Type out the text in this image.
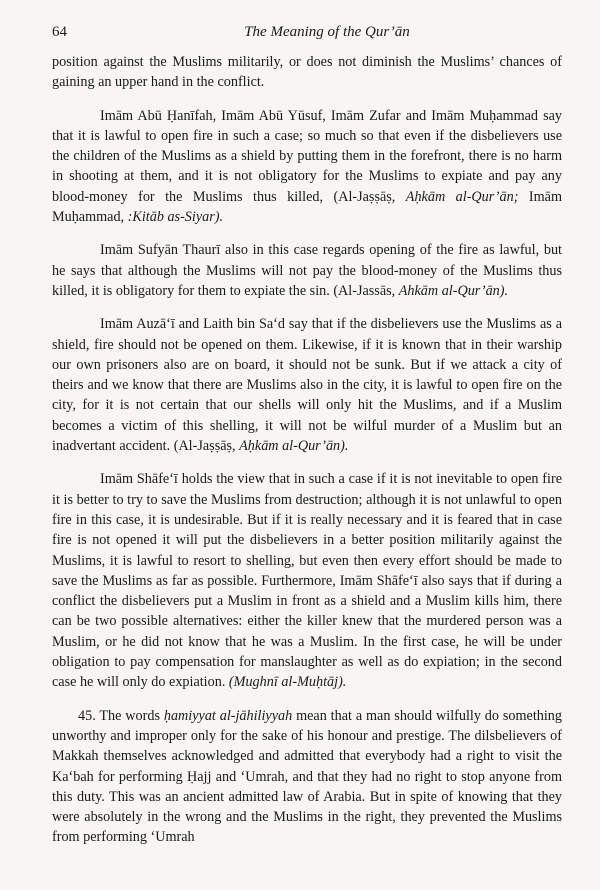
64	The Meaning of the Qur’ān

position against the Muslims militarily, or does not diminish the Muslims’ chances of gaining an upper hand in the conflict.

Imām Abū Ḥanīfah, Imām Abū Yūsuf, Imām Zufar and Imām Muḥammad say that it is lawful to open fire in such a case; so much so that even if the disbelievers use the children of the Muslims as a shield by putting them in the forefront, there is no harm in shooting at them, and it is not obligatory for the Muslims to expiate and pay any blood-money for the Muslims thus killed, (Al-Jaṣṣāṣ, Aḥkām al-Qur’ān; Imām Muḥammad, :Kitāb as-Siyar).

Imām Sufyān Thaurī also in this case regards opening of the fire as lawful, but he says that although the Muslims will not pay the blood-money of the Muslims thus killed, it is obligatory for them to expiate the sin. (Al-Jassās, Ahkām al-Qur’ān).

Imām Auzā‘ī and Laith bin Sa‘d say that if the disbelievers use the Muslims as a shield, fire should not be opened on them. Likewise, if it is known that in their warship our own prisoners also are on board, it should not be sunk. But if we attack a city of theirs and we know that there are Muslims also in the city, it is lawful to open fire on the city, for it is not certain that our shells will only hit the Muslims, and if a Muslim becomes a victim of this shelling, it will not be wilful murder of a Muslim but an inadvertant accident. (Al-Jaṣṣāṣ, Aḥkām al-Qur’ān).

Imām Shāfe‘ī holds the view that in such a case if it is not inevitable to open fire it is better to try to save the Muslims from destruction; although it is not unlawful to open fire in this case, it is undesirable. But if it is really necessary and it is feared that in case fire is not opened it will put the disbelievers in a better position militarily against the Muslims, it is lawful to resort to shelling, but even then every effort should be made to save the Muslims as far as possible. Furthermore, Imām Shāfe‘ī also says that if during a conflict the disbelievers put a Muslim in front as a shield and a Muslim kills him, there can be two possible alternatives: either the killer knew that the murdered person was a Muslim, or he did not know that he was a Muslim. In the first case, he will be under obligation to pay compensation for manslaughter as well as do expiation; in the second case he will only do expiation. (Mughnī al-Muḥtāj).

45. The words ḥamiyyat al-jāhiliyyah mean that a man should wilfully do something unworthy and improper only for the sake of his honour and prestige. The dilsbelievers of Makkah themselves acknowledged and admitted that everybody had a right to visit the Ka‘bah for performing Ḥajj and ‘Umrah, and that they had no right to stop anyone from this duty. This was an ancient admitted law of Arabia. But in spite of knowing that they were absolutely in the wrong and the Muslims in the right, they prevented the Muslims from performing ‘Umrah
